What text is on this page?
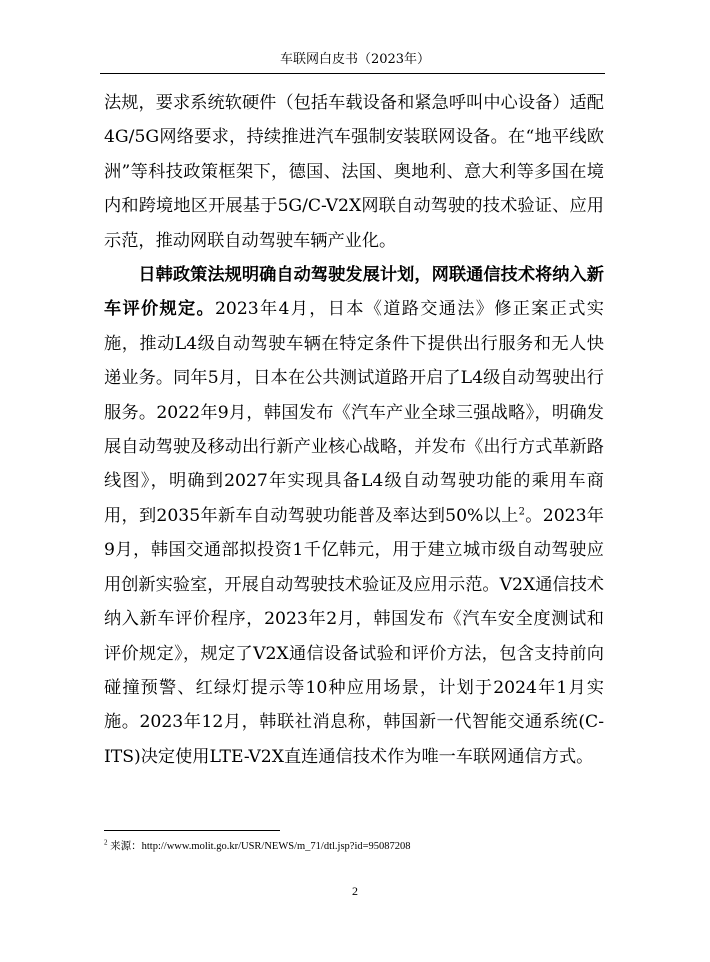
车联网白皮书（2023年）

法规，要求系统软硬件（包括车载设备和紧急呼叫中心设备）适配4G/5G网络要求，持续推进汽车强制安装联网设备。在“地平线欧洲”等科技政策框架下，德国、法国、奥地利、意大利等多国在境内和跨境地区开展基于5G/C-V2X网联自动驾驶的技术验证、应用示范，推动网联自动驾驶车辆产业化。

日韩政策法规明确自动驾驶发展计划，网联通信技术将纳入新车评价规定。2023年4月，日本《道路交通法》修正案正式实施，推动L4级自动驾驶车辆在特定条件下提供出行服务和无人快递业务。同年5月，日本在公共测试道路开启了L4级自动驾驶出行服务。2022年9月，韩国发布《汽车产业全球三强战略》，明确发展自动驾驶及移动出行新产业核心战略，并发布《出行方式革新路线图》，明确到2027年实现具备L4级自动驾驶功能的乘用车商用，到2035年新车自动驾驶功能普及率达到50%以上$^2$。2023年9月，韩国交通部拟投资1千亿韩元，用于建立城市级自动驾驶应用创新实验室，开展自动驾驶技术验证及应用示范。V2X通信技术纳入新车评价程序，2023年2月，韩国发布《汽车安全度测试和评价规定》，规定了V2X通信设备试验和评价方法，包含支持前向碰撞预警、红绿灯提示等10种应用场景，计划于2024年1月实施。2023年12月，韩联社消息称，韩国新一代智能交通系统(C-ITS)决定使用LTE-V2X直连通信技术作为唯一车联网通信方式。

$^2$ 来源：http://www.molit.go.kr/USR/NEWS/m_71/dtl.jsp?id=95087208
2
